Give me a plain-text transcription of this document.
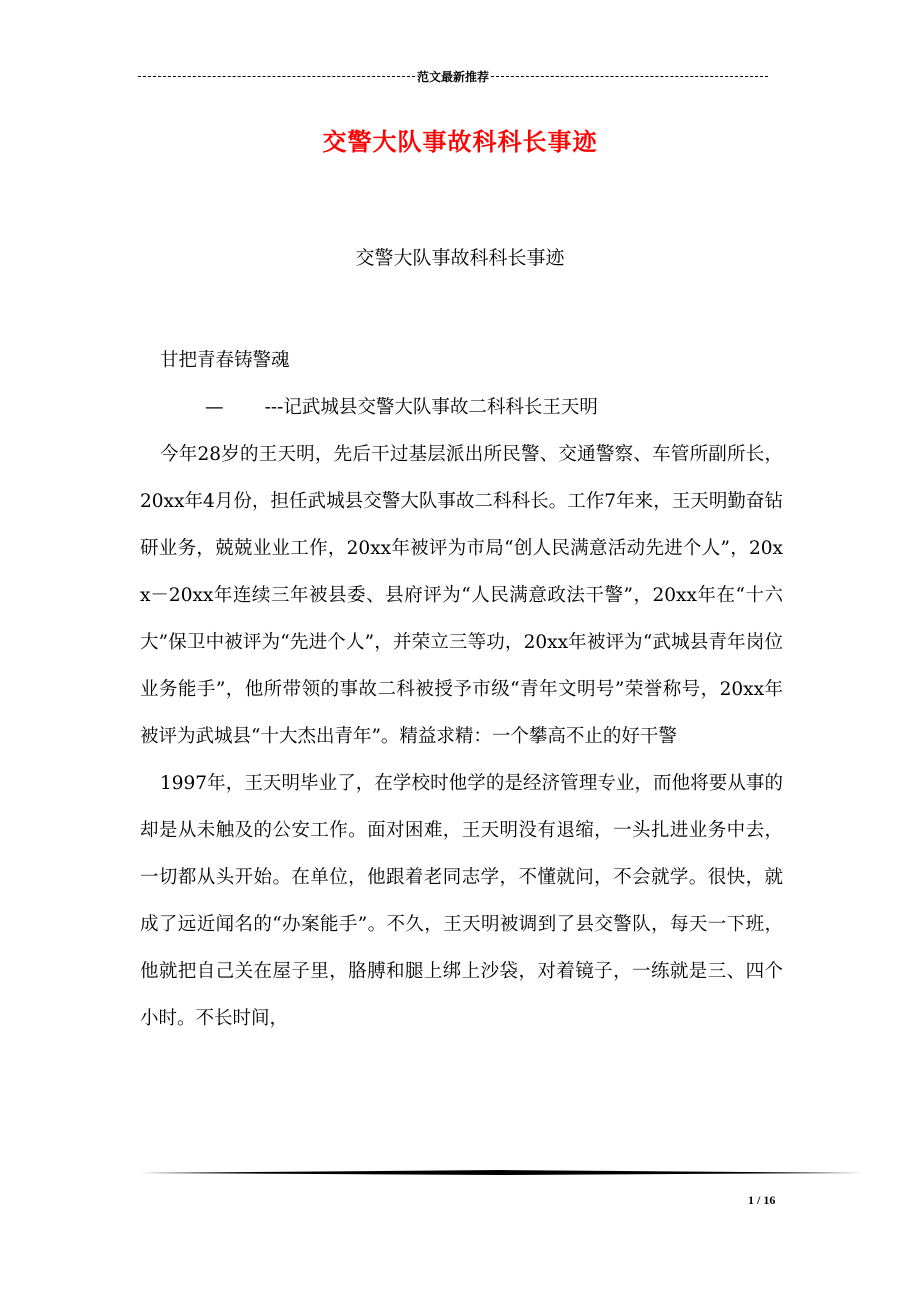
范文最新推荐
交警大队事故科科长事迹
交警大队事故科科长事迹

甘把青春铸警魂

—       ---记武城县交警大队事故二科科长王天明

今年28岁的王天明，先后干过基层派出所民警、交通警察、车管所副所长，20xx年4月份，担任武城县交警大队事故二科科长。工作7年来，王天明勤奋钻研业务，兢兢业业工作，20xx年被评为市局“创人民满意活动先进个人”，20xx－20xx年连续三年被县委、县府评为“人民满意政法干警”，20xx年在“十六大”保卫中被评为“先进个人”，并荣立三等功，20xx年被评为“武城县青年岗位业务能手”，他所带领的事故二科被授予市级“青年文明号”荣誉称号，20xx年被评为武城县“十大杰出青年”。精益求精：一个攀高不止的好干警

1997年，王天明毕业了，在学校时他学的是经济管理专业，而他将要从事的却是从未触及的公安工作。面对困难，王天明没有退缩，一头扎进业务中去，一切都从头开始。在单位，他跟着老同志学，不懂就问，不会就学。很快，就成了远近闻名的“办案能手”。不久，王天明被调到了县交警队，每天一下班，他就把自己关在屋子里，胳膊和腿上绑上沙袋，对着镜子，一练就是三、四个小时。不长时间，

1 / 16
